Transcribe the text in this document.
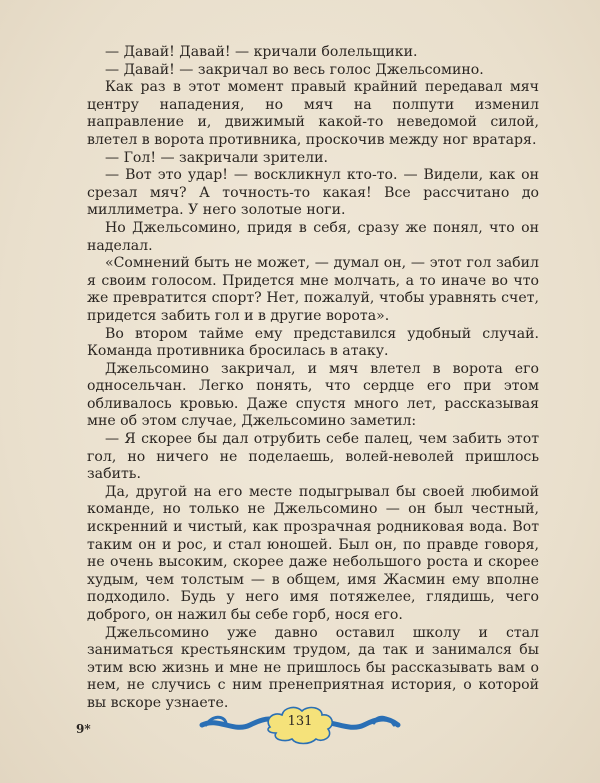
— Давай! Давай! — кричали болельщики.

— Давай! — закричал во весь голос Джельсомино.

Как раз в этот момент правый крайний передавал мяч центру нападения, но мяч на полпути изменил направление и, движимый какой-то неведомой силой, влетел в ворота противника, проскочив между ног вратаря.

— Гол! — закричали зрители.

— Вот это удар! — воскликнул кто-то. — Видели, как он срезал мяч? А точность-то какая! Все рассчитано до миллиметра. У него золотые ноги.

Но Джельсомино, придя в себя, сразу же понял, что он наделал.

«Сомнений быть не может, — думал он, — этот гол забил я своим голосом. Придется мне молчать, а то иначе во что же превратится спорт? Нет, пожалуй, чтобы уравнять счет, придется забить гол и в другие ворота».

Во втором тайме ему представился удобный случай. Команда противника бросилась в атаку.

Джельсомино закричал, и мяч влетел в ворота его односельчан. Легко понять, что сердце его при этом обливалось кровью. Даже спустя много лет, рассказывая мне об этом случае, Джельсомино заметил:

— Я скорее бы дал отрубить себе палец, чем забить этот гол, но ничего не поделаешь, волей-неволей пришлось забить.

Да, другой на его месте подыгрывал бы своей любимой команде, но только не Джельсомино — он был честный, искренний и чистый, как прозрачная родниковая вода. Вот таким он и рос, и стал юношей. Был он, по правде говоря, не очень высоким, скорее даже небольшого роста и скорее худым, чем толстым — в общем, имя Жасмин ему вполне подходило. Будь у него имя потяжелее, глядишь, чего доброго, он нажил бы себе горб, нося его.

Джельсомино уже давно оставил школу и стал заниматься крестьянским трудом, да так и занимался бы этим всю жизнь и мне не пришлось бы рассказывать вам о нем, не случись с ним пренеприятная история, о которой вы вскоре узнаете.

9*	131
